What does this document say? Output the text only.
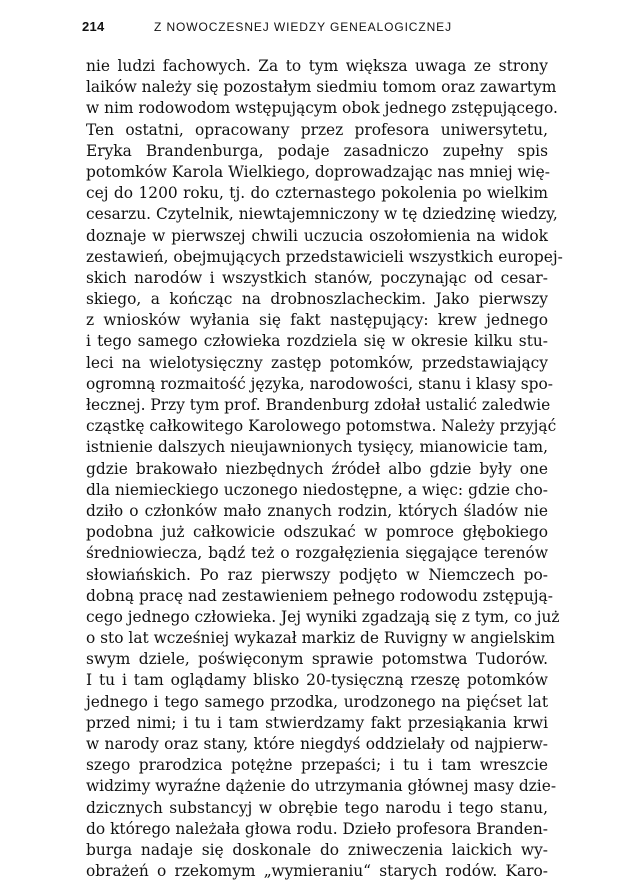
214	Z NOWOCZESNEJ WIEDZY GENEALOGICZNEJ
nie ludzi fachowych. Za to tym większa uwaga ze strony
laików należy się pozostałym siedmiu tomom oraz zawartym
w nim rodowodom wstępującym obok jednego zstępującego.
Ten ostatni, opracowany przez profesora uniwersytetu,
Eryka Brandenburga, podaje zasadniczo zupełny spis
potomków Karola Wielkiego, doprowadzając nas mniej wię-
cej do 1200 roku, tj. do czternastego pokolenia po wielkim
cesarzu. Czytelnik, niewtajemniczony w tę dziedzinę wiedzy,
doznaje w pierwszej chwili uczucia oszołomienia na widok
zestawień, obejmujących przedstawicieli wszystkich europej-
skich narodów i wszystkich stanów, poczynając od cesar-
skiego, a kończąc na drobnoszlacheckim. Jako pierwszy
z wniosków wyłania się fakt następujący: krew jednego
i tego samego człowieka rozdziela się w okresie kilku stu-
leci na wielotysięczny zastęp potomków, przedstawiający
ogromną rozmaitość języka, narodowości, stanu i klasy spo-
łecznej. Przy tym prof. Brandenburg zdołał ustalić zaledwie
cząstkę całkowitego Karolowego potomstwa. Należy przyjąć
istnienie dalszych nieujawnionych tysięcy, mianowicie tam,
gdzie brakowało niezbędnych źródeł albo gdzie były one
dla niemieckiego uczonego niedostępne, a więc: gdzie cho-
dziło o członków mało znanych rodzin, których śladów nie
podobna już całkowicie odszukać w pomroce głębokiego
średniowiecza, bądź też o rozgałęzienia sięgające terenów
słowiańskich. Po raz pierwszy podjęto w Niemczech po-
dobną pracę nad zestawieniem pełnego rodowodu zstępują-
cego jednego człowieka. Jej wyniki zgadzają się z tym, co już
o sto lat wcześniej wykazał markiz de Ruvigny w angielskim
swym dziele, poświęconym sprawie potomstwa Tudorów.
I tu i tam oglądamy blisko 20-tysięczną rzeszę potomków
jednego i tego samego przodka, urodzonego na pięćset lat
przed nimi; i tu i tam stwierdzamy fakt przesiąkania krwi
w narody oraz stany, które niegdyś oddzielały od najpierw-
szego prarodzica potężne przepaści; i tu i tam wreszcie
widzimy wyraźne dążenie do utrzymania głównej masy dzie-
dzicznych substancyj w obrębie tego narodu i tego stanu,
do którego należała głowa rodu. Dzieło profesora Branden-
burga nadaje się doskonale do zniweczenia laickich wy-
obrażeń o rzekomym „wymieraniu“ starych rodów. Karo-
